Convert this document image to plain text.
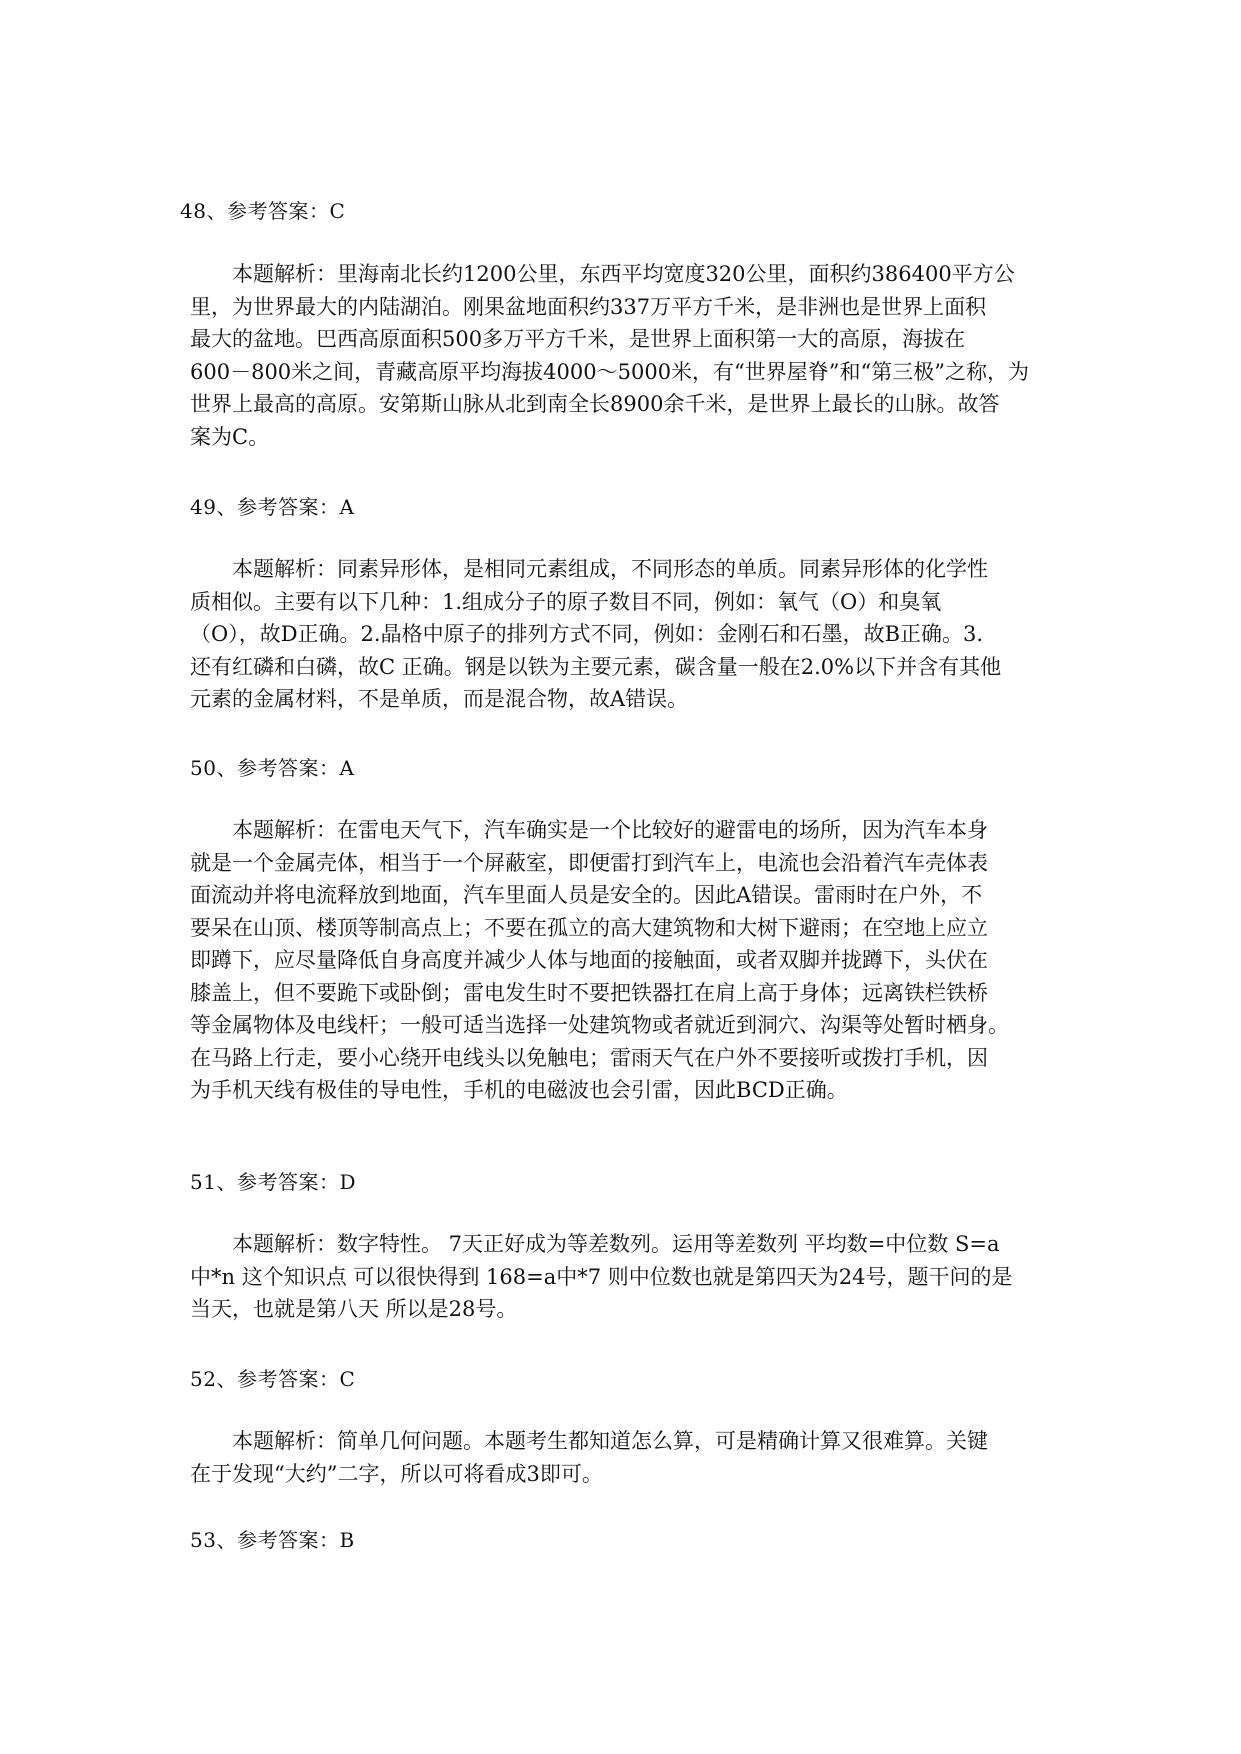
48、参考答案：C
本题解析：里海南北长约1200公里，东西平均宽度320公里，面积约386400平方公
里，为世界最大的内陆湖泊。刚果盆地面积约337万平方千米，是非洲也是世界上面积
最大的盆地。巴西高原面积500多万平方千米，是世界上面积第一大的高原，海拔在
600－800米之间，青藏高原平均海拔4000～5000米，有“世界屋脊”和“第三极”之称，为
世界上最高的高原。安第斯山脉从北到南全长8900余千米，是世界上最长的山脉。故答
案为C。
49、参考答案：A
本题解析：同素异形体，是相同元素组成，不同形态的单质。同素异形体的化学性
质相似。主要有以下几种：1.组成分子的原子数目不同，例如：氧气（O）和臭氧
（O），故D正确。2.晶格中原子的排列方式不同，例如：金刚石和石墨，故B正确。3.
还有红磷和白磷，故C 正确。钢是以铁为主要元素，碳含量一般在2.0%以下并含有其他
元素的金属材料，不是单质，而是混合物，故A错误。
50、参考答案：A
本题解析：在雷电天气下，汽车确实是一个比较好的避雷电的场所，因为汽车本身
就是一个金属壳体，相当于一个屏蔽室，即便雷打到汽车上，电流也会沿着汽车壳体表
面流动并将电流释放到地面，汽车里面人员是安全的。因此A错误。雷雨时在户外，不
要呆在山顶、楼顶等制高点上；不要在孤立的高大建筑物和大树下避雨；在空地上应立
即蹲下，应尽量降低自身高度并减少人体与地面的接触面，或者双脚并拢蹲下，头伏在
膝盖上，但不要跪下或卧倒；雷电发生时不要把铁器扛在肩上高于身体；远离铁栏铁桥
等金属物体及电线杆；一般可适当选择一处建筑物或者就近到洞穴、沟渠等处暂时栖身。
在马路上行走，要小心绕开电线头以免触电；雷雨天气在户外不要接听或拨打手机，因
为手机天线有极佳的导电性，手机的电磁波也会引雷，因此BCD正确。
51、参考答案：D
本题解析：数字特性。 7天正好成为等差数列。运用等差数列 平均数=中位数 S=a
中*n 这个知识点 可以很快得到 168=a中*7 则中位数也就是第四天为24号，题干问的是
当天，也就是第八天 所以是28号。
52、参考答案：C
本题解析：简单几何问题。本题考生都知道怎么算，可是精确计算又很难算。关键
在于发现“大约”二字，所以可将看成3即可。
53、参考答案：B
